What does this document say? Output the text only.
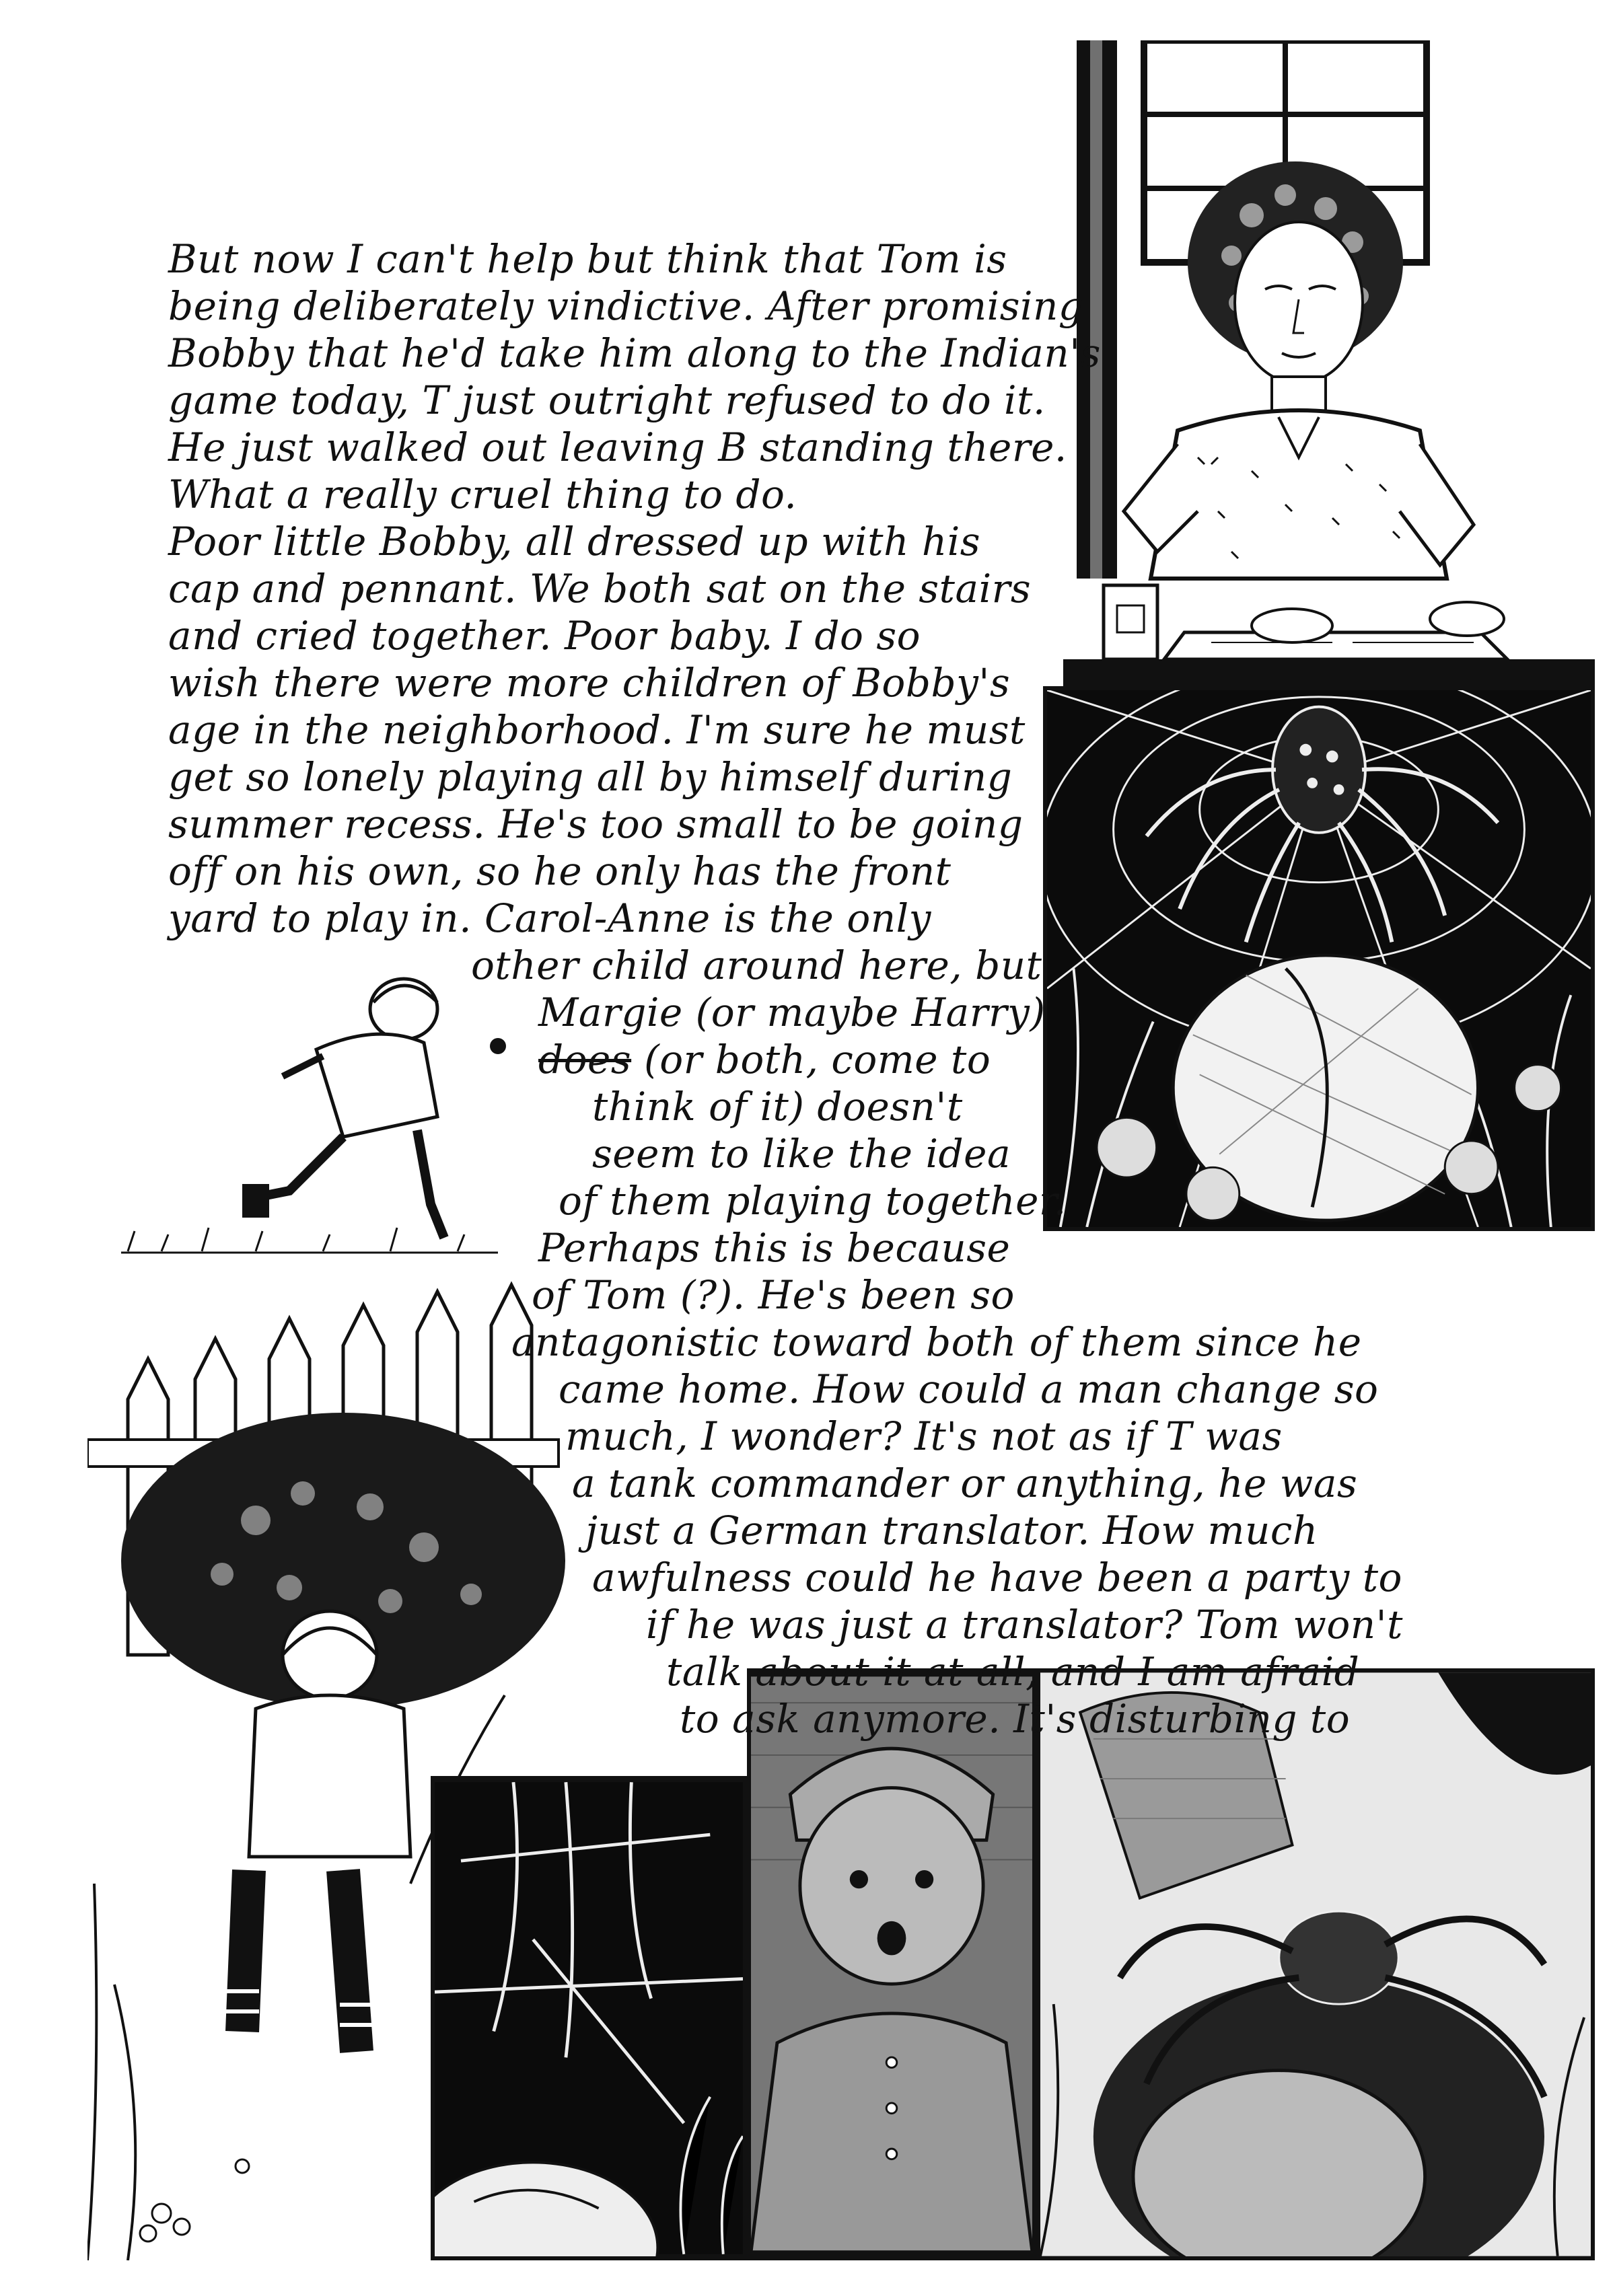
But now I can't help but think that Tom is
being deliberately vindictive. After promising
Bobby that he'd take him along to the Indian's
game today, T just outright refused to do it.
He just walked out leaving B standing there.
What a really cruel thing to do.
Poor little Bobby, all dressed up with his
cap and pennant. We both sat on the stairs
and cried together. Poor baby. I do so
wish there were more children of Bobby's
age in the neighborhood. I'm sure he must
get so lonely playing all by himself during
summer recess. He's too small to be going
off on his own, so he only has the front
yard to play in. Carol-Anne is the only
other child around here, but
Margie (or maybe Harry)
does (or both, come to
think of it) doesn't
seem to like the idea
of them playing together.
Perhaps this is because
of Tom (?). He's been so
antagonistic toward both of them since he
came home. How could a man change so
much, I wonder? It's not as if T was
a tank commander or anything, he was
just a German translator. How much
awfulness could he have been a party to
if he was just a translator? Tom won't
talk about it at all, and I am afraid
to ask anymore. It's disturbing to
